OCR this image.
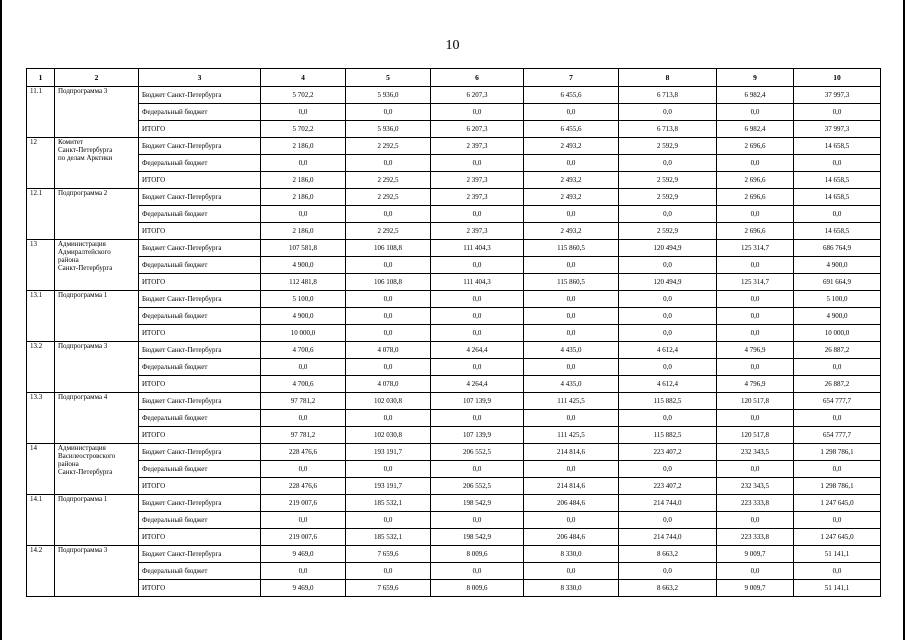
10
1	2	3	4	5	6	7	8	9	10
11.1	Подпрограмма 3	Бюджет Санкт-Петербурга	5 702,2	5 936,0	6 207,3	6 455,6	6 713,8	6 982,4	37 997,3
		Федеральный бюджет	0,0	0,0	0,0	0,0	0,0	0,0	0,0
		ИТОГО	5 702,2	5 936,0	6 207,3	6 455,6	6 713,8	6 982,4	37 997,3
12	Комитет
Санкт-Петербурга
по делам Арктики	Бюджет Санкт-Петербурга	2 186,0	2 292,5	2 397,3	2 493,2	2 592,9	2 696,6	14 658,5
		Федеральный бюджет	0,0	0,0	0,0	0,0	0,0	0,0	0,0
		ИТОГО	2 186,0	2 292,5	2 397,3	2 493,2	2 592,9	2 696,6	14 658,5
12.1	Подпрограмма 2	Бюджет Санкт-Петербурга	2 186,0	2 292,5	2 397,3	2 493,2	2 592,9	2 696,6	14 658,5
		Федеральный бюджет	0,0	0,0	0,0	0,0	0,0	0,0	0,0
		ИТОГО	2 186,0	2 292,5	2 397,3	2 493,2	2 592,9	2 696,6	14 658,5
13	Администрация
Адмиралтейского
района
Санкт-Петербурга	Бюджет Санкт-Петербурга	107 581,8	106 108,8	111 404,3	115 860,5	120 494,9	125 314,7	686 764,9
		Федеральный бюджет	4 900,0	0,0	0,0	0,0	0,0	0,0	4 900,0
		ИТОГО	112 481,8	106 108,8	111 404,3	115 860,5	120 494,9	125 314,7	691 664,9
13.1	Подпрограмма 1	Бюджет Санкт-Петербурга	5 100,0	0,0	0,0	0,0	0,0	0,0	5 100,0
		Федеральный бюджет	4 900,0	0,0	0,0	0,0	0,0	0,0	4 900,0
		ИТОГО	10 000,0	0,0	0,0	0,0	0,0	0,0	10 000,0
13.2	Подпрограмма 3	Бюджет Санкт-Петербурга	4 700,6	4 078,0	4 264,4	4 435,0	4 612,4	4 796,9	26 887,2
		Федеральный бюджет	0,0	0,0	0,0	0,0	0,0	0,0	0,0
		ИТОГО	4 700,6	4 078,0	4 264,4	4 435,0	4 612,4	4 796,9	26 887,2
13.3	Подпрограмма 4	Бюджет Санкт-Петербурга	97 781,2	102 030,8	107 139,9	111 425,5	115 882,5	120 517,8	654 777,7
		Федеральный бюджет	0,0	0,0	0,0	0,0	0,0	0,0	0,0
		ИТОГО	97 781,2	102 030,8	107 139,9	111 425,5	115 882,5	120 517,8	654 777,7
14	Администрация
Василеостровского
района
Санкт-Петербурга	Бюджет Санкт-Петербурга	228 476,6	193 191,7	206 552,5	214 814,6	223 407,2	232 343,5	1 298 786,1
		Федеральный бюджет	0,0	0,0	0,0	0,0	0,0	0,0	0,0
		ИТОГО	228 476,6	193 191,7	206 552,5	214 814,6	223 407,2	232 343,5	1 298 786,1
14.1	Подпрограмма 1	Бюджет Санкт-Петербурга	219 007,6	185 532,1	198 542,9	206 484,6	214 744,0	223 333,8	1 247 645,0
		Федеральный бюджет	0,0	0,0	0,0	0,0	0,0	0,0	0,0
		ИТОГО	219 007,6	185 532,1	198 542,9	206 484,6	214 744,0	223 333,8	1 247 645,0
14.2	Подпрограмма 3	Бюджет Санкт-Петербурга	9 469,0	7 659,6	8 009,6	8 330,0	8 663,2	9 009,7	51 141,1
		Федеральный бюджет	0,0	0,0	0,0	0,0	0,0	0,0	0,0
		ИТОГО	9 469,0	7 659,6	8 009,6	8 330,0	8 663,2	9 009,7	51 141,1
